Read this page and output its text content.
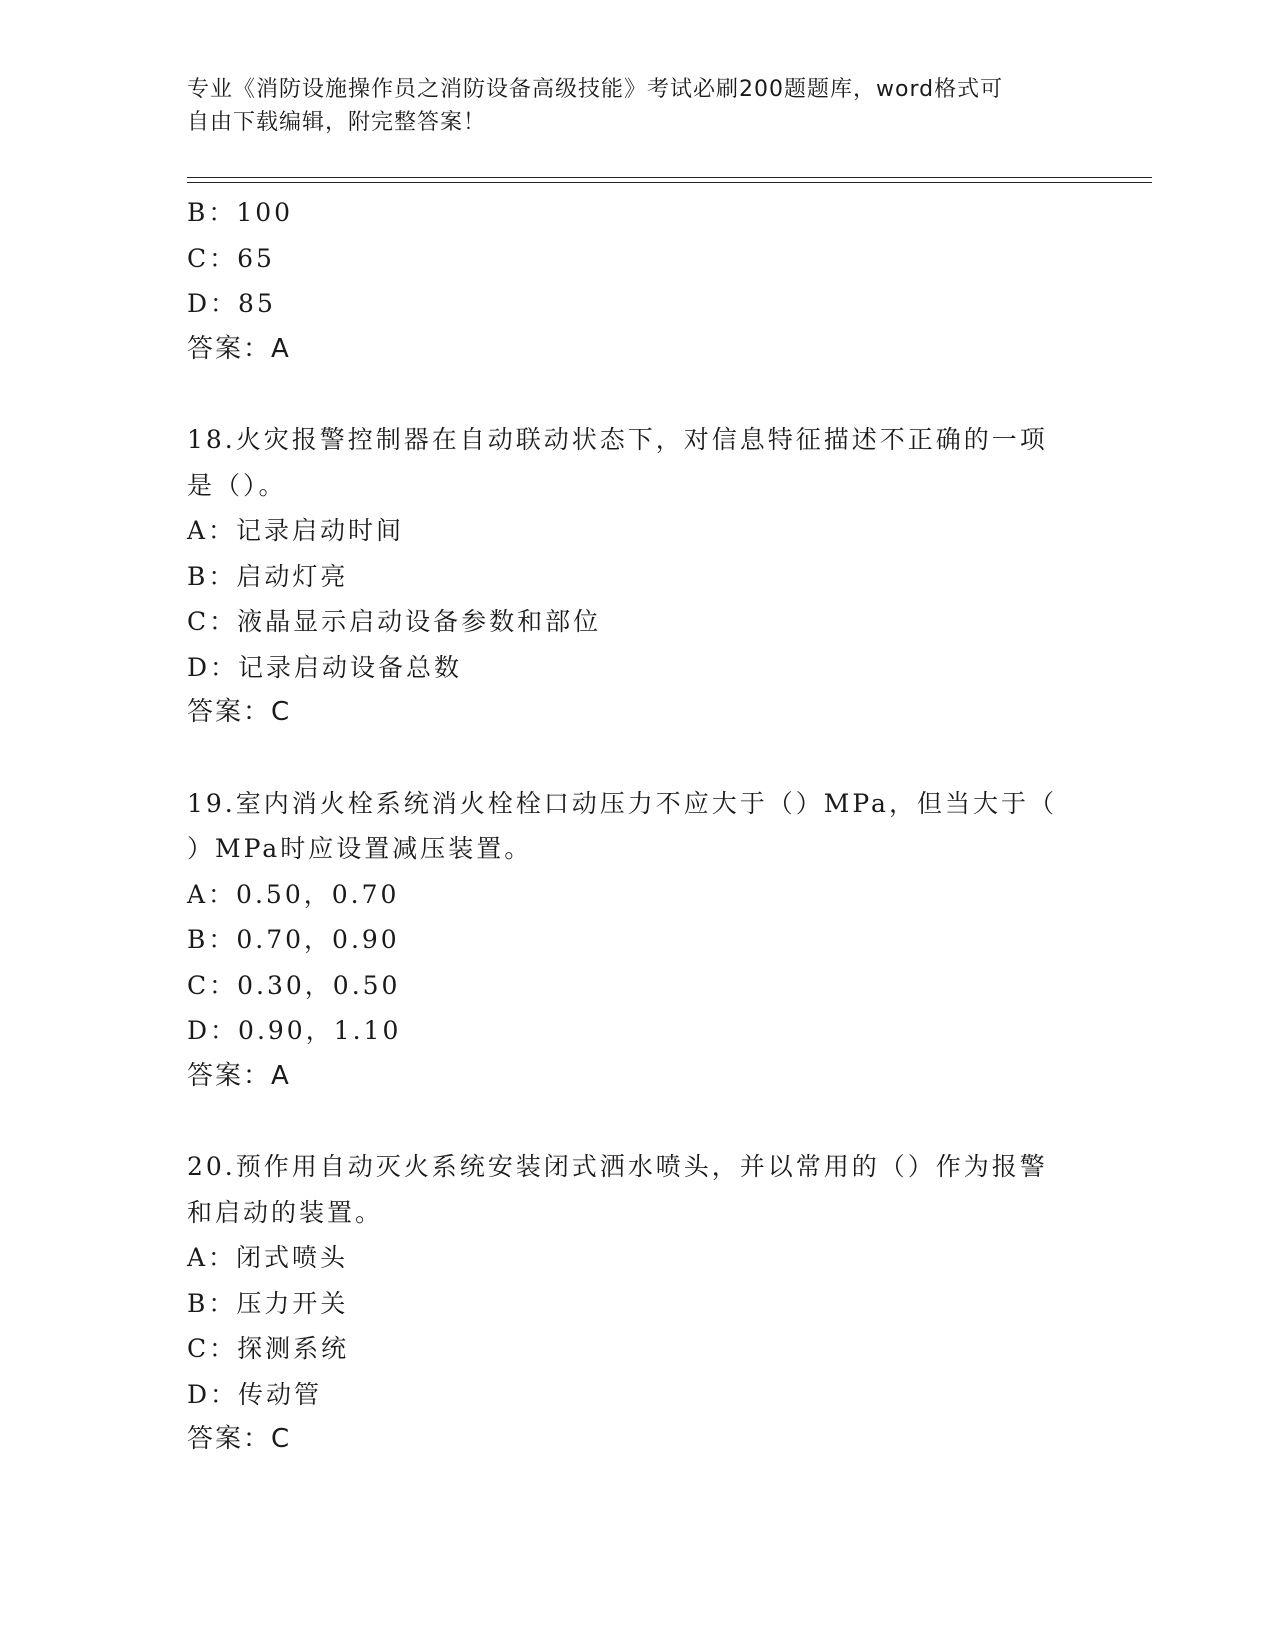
专业《消防设施操作员之消防设备高级技能》考试必刷200题题库，word格式可
自由下载编辑，附完整答案！
B：100
C：65
D：85
答案：A
18.火灾报警控制器在自动联动状态下，对信息特征描述不正确的一项
是（）。
A：记录启动时间
B：启动灯亮
C：液晶显示启动设备参数和部位
D：记录启动设备总数
答案：C
19.室内消火栓系统消火栓栓口动压力不应大于（）MPa，但当大于（
）MPa时应设置减压装置。
A：0.50，0.70
B：0.70，0.90
C：0.30，0.50
D：0.90，1.10
答案：A
20.预作用自动灭火系统安装闭式洒水喷头，并以常用的（）作为报警
和启动的装置。
A：闭式喷头
B：压力开关
C：探测系统
D：传动管
答案：C
